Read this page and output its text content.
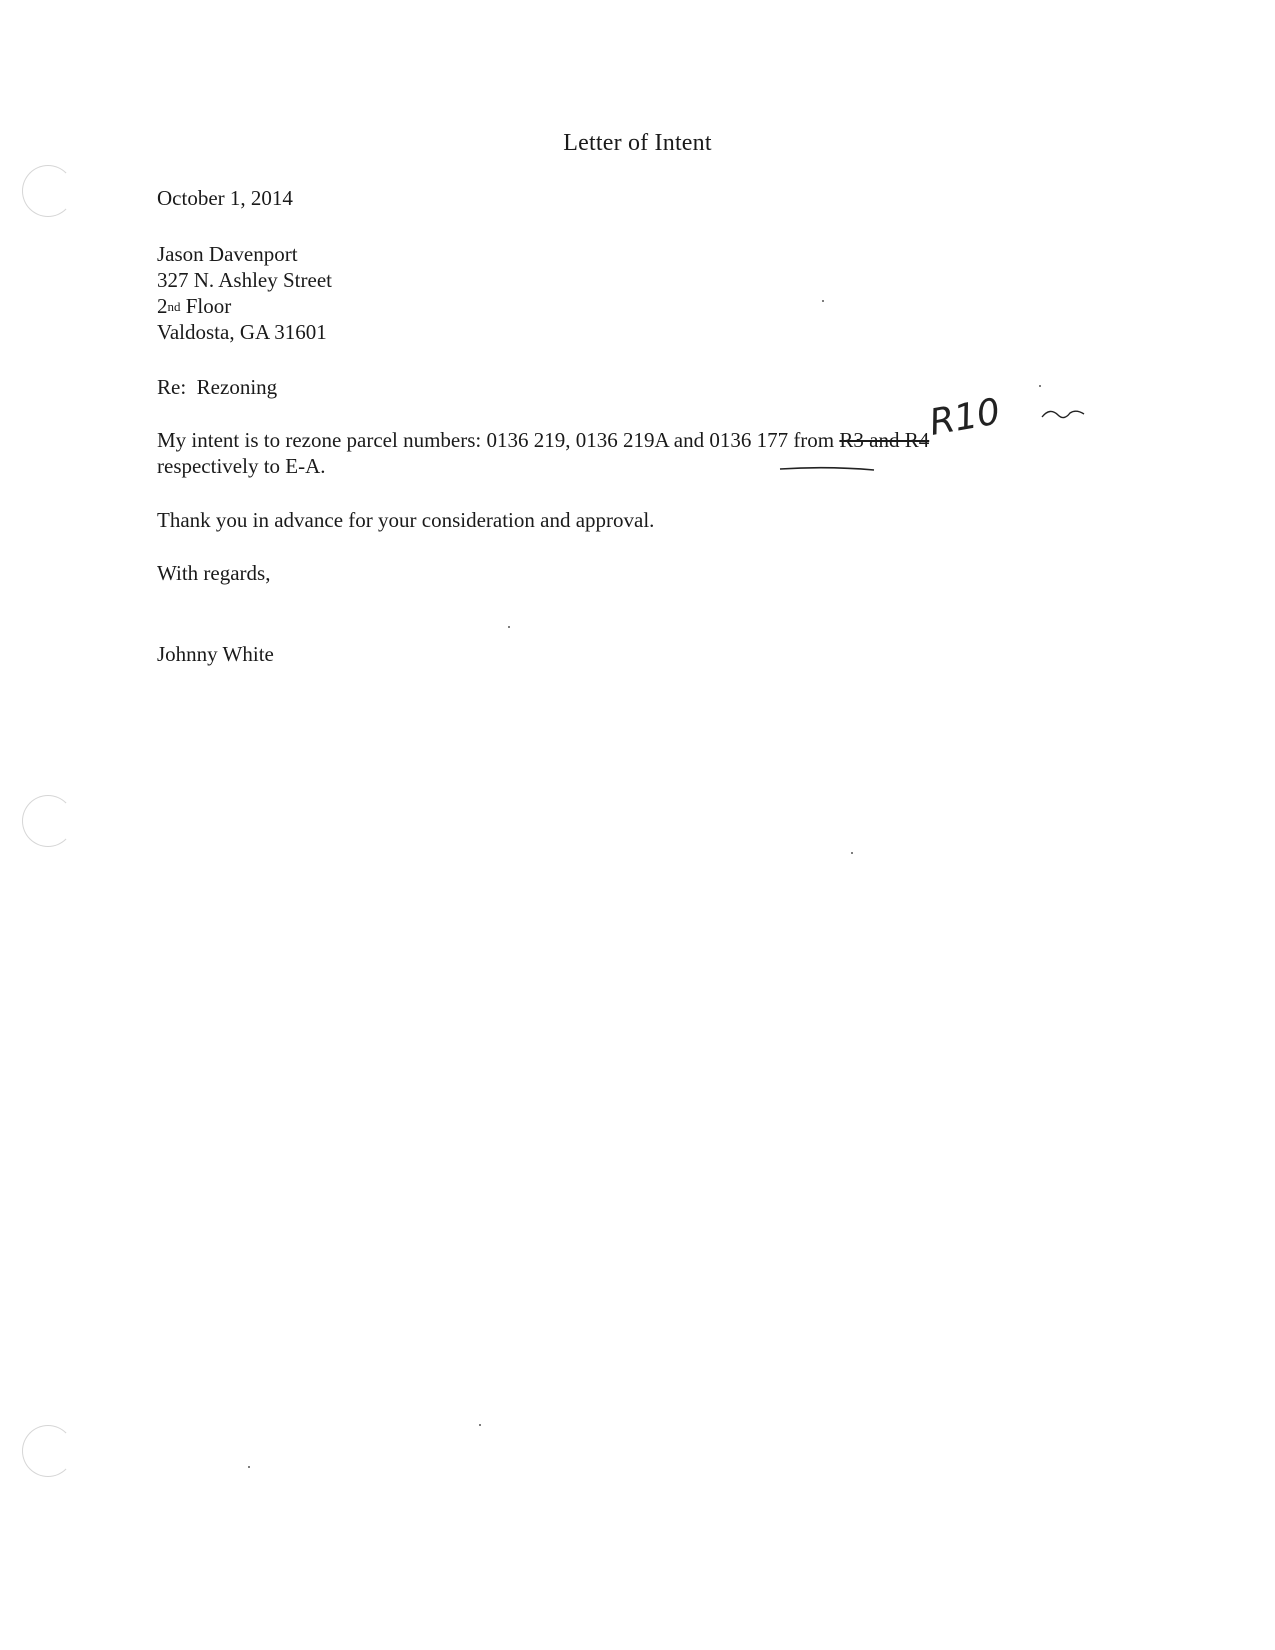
Letter of Intent
October 1, 2014
Jason Davenport
327 N. Ashley Street
2nd Floor
Valdosta, GA 31601
Re: Rezoning
My intent is to rezone parcel numbers: 0136 219, 0136 219A and 0136 177 from R3 and R4
respectively to E-A.
R10
Thank you in advance for your consideration and approval.
With regards,
Johnny White
